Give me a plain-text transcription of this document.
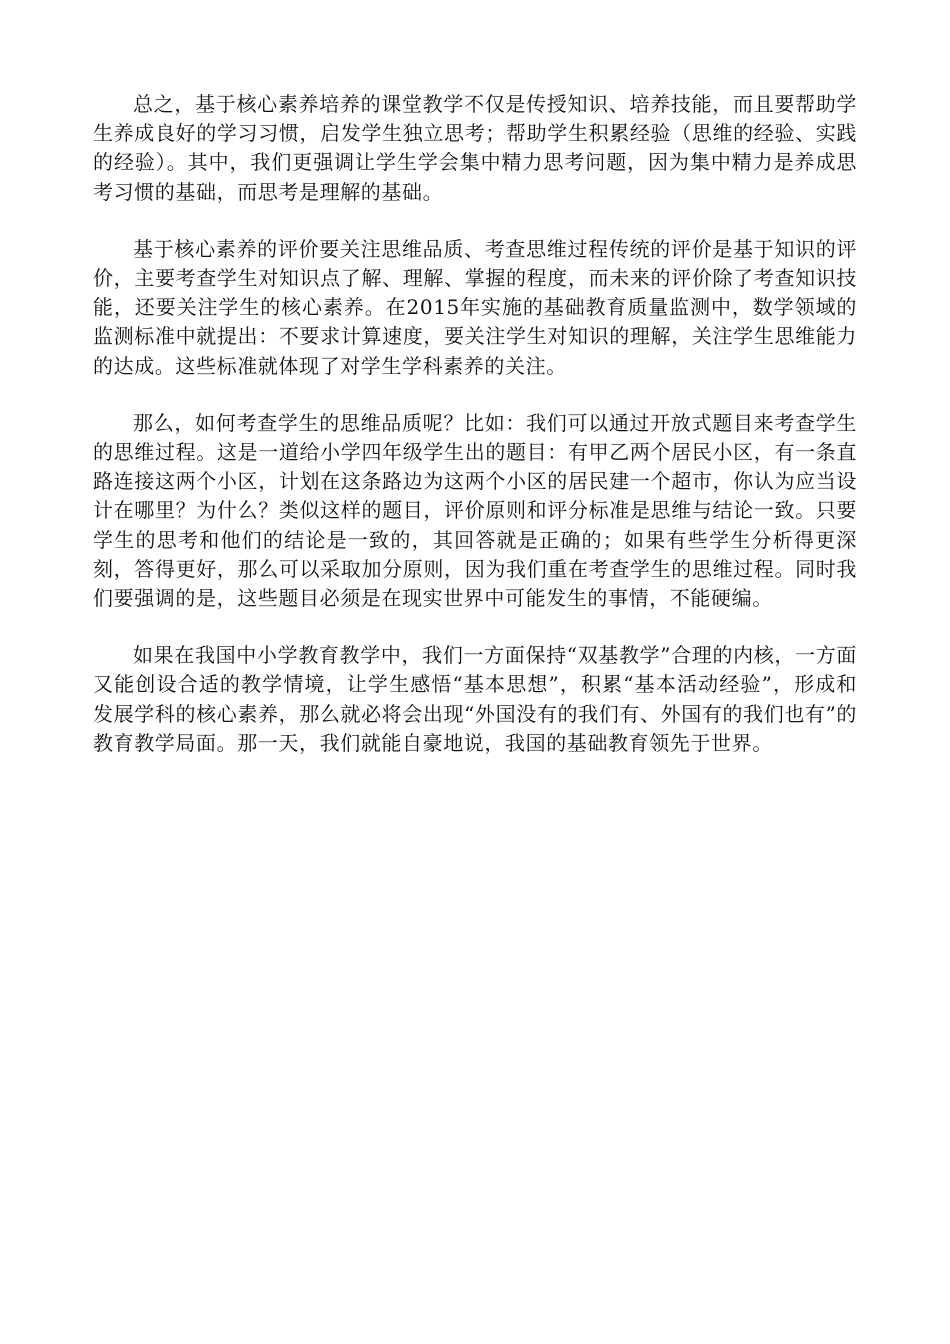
总之，基于核心素养培养的课堂教学不仅是传授知识、培养技能，而且要帮助学生养成良好的学习习惯，启发学生独立思考；帮助学生积累经验（思维的经验、实践的经验）。其中，我们更强调让学生学会集中精力思考问题，因为集中精力是养成思考习惯的基础，而思考是理解的基础。

基于核心素养的评价要关注思维品质、考查思维过程传统的评价是基于知识的评价，主要考查学生对知识点了解、理解、掌握的程度，而未来的评价除了考查知识技能，还要关注学生的核心素养。在2015年实施的基础教育质量监测中，数学领域的监测标准中就提出：不要求计算速度，要关注学生对知识的理解，关注学生思维能力的达成。这些标准就体现了对学生学科素养的关注。

那么，如何考查学生的思维品质呢？比如：我们可以通过开放式题目来考查学生的思维过程。这是一道给小学四年级学生出的题目：有甲乙两个居民小区，有一条直路连接这两个小区，计划在这条路边为这两个小区的居民建一个超市，你认为应当设计在哪里？为什么？类似这样的题目，评价原则和评分标准是思维与结论一致。只要学生的思考和他们的结论是一致的，其回答就是正确的；如果有些学生分析得更深刻，答得更好，那么可以采取加分原则，因为我们重在考查学生的思维过程。同时我们要强调的是，这些题目必须是在现实世界中可能发生的事情，不能硬编。

如果在我国中小学教育教学中，我们一方面保持“双基教学”合理的内核，一方面又能创设合适的教学情境，让学生感悟“基本思想”，积累“基本活动经验”，形成和发展学科的核心素养，那么就必将会出现“外国没有的我们有、外国有的我们也有”的教育教学局面。那一天，我们就能自豪地说，我国的基础教育领先于世界。
